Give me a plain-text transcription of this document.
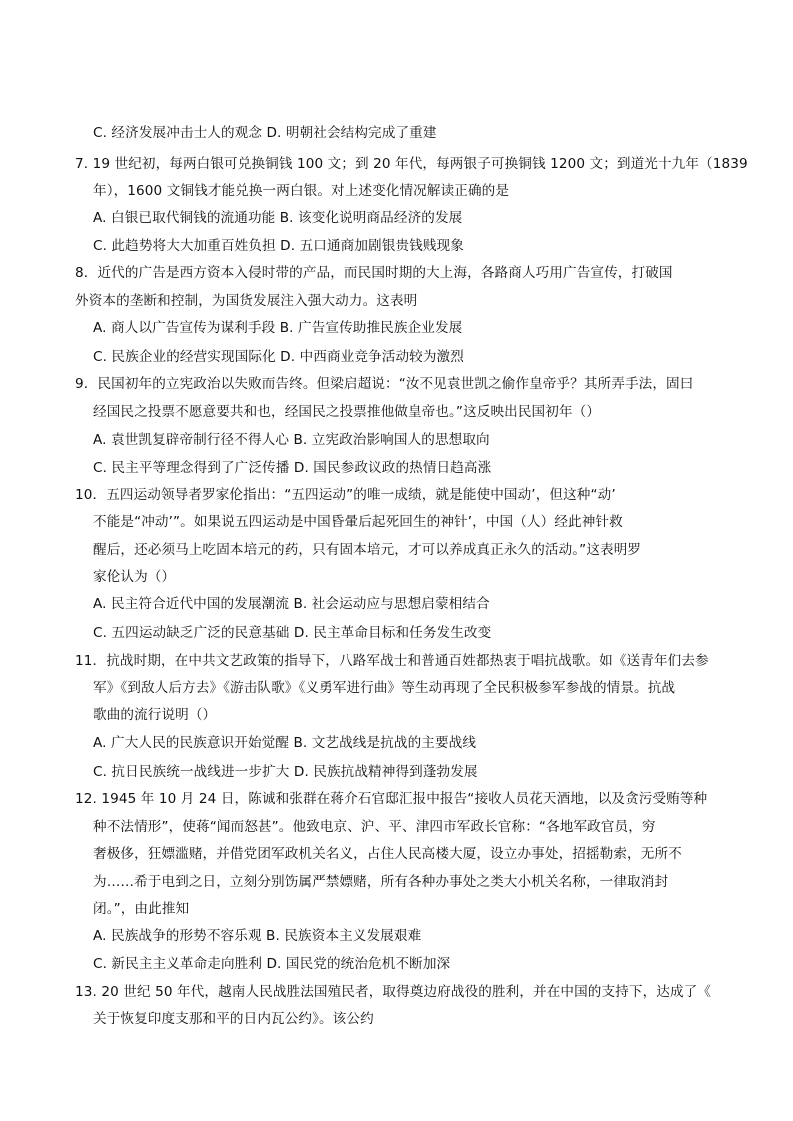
C. 经济发展冲击士人的观念 D. 明朝社会结构完成了重建
7. 19 世纪初，每两白银可兑换铜钱 100 文；到 20 年代，每两银子可换铜钱 1200 文；到道光十九年（1839
年），1600 文铜钱才能兑换一两白银。对上述变化情况解读正确的是
A. 白银已取代铜钱的流通功能 B. 该变化说明商品经济的发展
C. 此趋势将大大加重百姓负担 D. 五口通商加剧银贵钱贱现象
8．近代的广告是西方资本入侵时带的产品，而民国时期的大上海，各路商人巧用广告宣传，打破国
外资本的垄断和控制，为国货发展注入强大动力。这表明
A. 商人以广告宣传为谋利手段 B. 广告宣传助推民族企业发展
C. 民族企业的经营实现国际化 D. 中西商业竞争活动较为激烈
9．民国初年的立宪政治以失败而告终。但梁启超说：“汝不见袁世凯之偷作皇帝乎？其所弄手法，固曰
经国民之投票不愿意要共和也，经国民之投票推他做皇帝也。”这反映出民国初年（）
A. 袁世凯复辟帝制行径不得人心 B. 立宪政治影响国人的思想取向
C. 民主平等理念得到了广泛传播 D. 国民参政议政的热情日趋高涨
10．五四运动领导者罗家伦指出：“五四运动”的唯一成绩，就是能使中国动’，但这种“动’
不能是“冲动’”。如果说五四运动是中国昏暈后起死回生的神针’，中国（人）经此神针救
醒后，还必须马上吃固本培元的药，只有固本培元，才可以养成真正永久的活动。”这表明罗
家伦认为（）
A. 民主符合近代中国的发展潮流 B. 社会运动应与思想启蒙相结合
C. 五四运动缺乏广泛的民意基础 D. 民主革命目标和任务发生改变
11．抗战时期，在中共文艺政策的指导下，八路军战士和普通百姓都热衷于唱抗战歌。如《送青年们去参
军》《到敌人后方去》《游击队歌》《义勇军进行曲》等生动再现了全民积极参军参战的情景。抗战
歌曲的流行说明（）
A. 广大人民的民族意识开始觉醒 B. 文艺战线是抗战的主要战线
C. 抗日民族统一战线进一步扩大 D. 民族抗战精神得到蓬勃发展
12. 1945 年 10 月 24 日，陈诚和张群在蒋介石官邸汇报中报告“接收人员花天酒地，以及贪污受贿等种
种不法情形”，使蒋“闻而怒甚”。他致电京、沪、平、津四市军政长官称：“各地军政官员，穷
奢极侈，狂嫖滥赌，并借党团军政机关名义，占住人民高楼大厦，设立办事处，招摇勒索，无所不
为……希于电到之日，立刻分别饬属严禁嫖赌，所有各种办事处之类大小机关名称，一律取消封
闭。”，由此推知
A. 民族战争的形势不容乐观 B. 民族资本主义发展艰难
C. 新民主主义革命走向胜利 D. 国民党的统治危机不断加深
13. 20 世纪 50 年代，越南人民战胜法国殖民者，取得奠边府战役的胜利，并在中国的支持下，达成了《
关于恢复印度支那和平的日内瓦公约》。该公约
